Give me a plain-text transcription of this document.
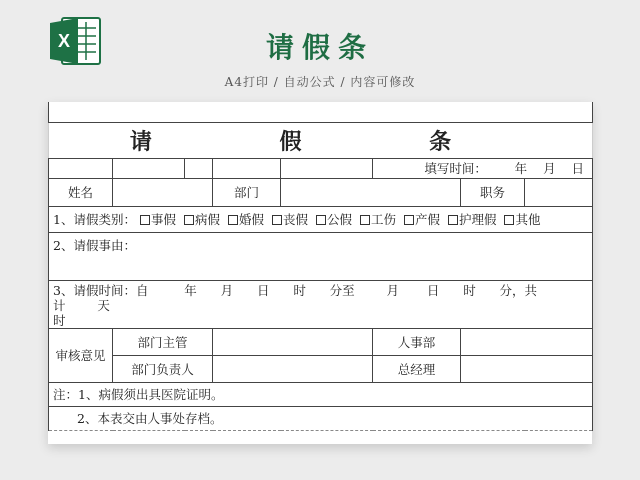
X	请假条
A4打印 / 自动公式 / 内容可修改

请 假 条							
					填写时间： 年 月 日		
姓名			部门			职务	
1、请假类别： 事假 病假 婚假 丧假 公假 工伤 产假 护理假 其他							
2、请假事由：							
3、请假时间：自 年 月 日 时 分至 月 日 时 分，共计 天
时							
审核意见	部门主管				人事部		
	部门负责人				总经理		
注：1、病假须出具医院证明。							
2、本表交由人事处存档。							
